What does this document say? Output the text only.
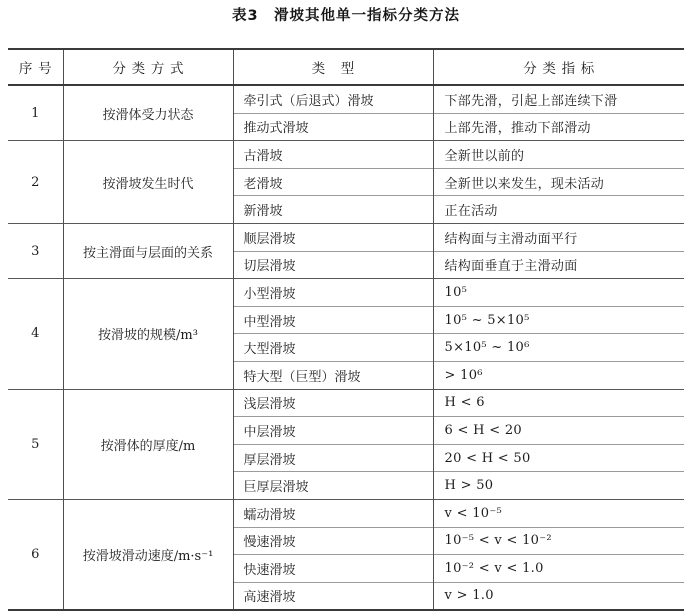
表3　滑坡其他单一指标分类方法
序号	分类方式	类 型	分类指标
1	按滑体受力状态	牵引式（后退式）滑坡	下部先滑，引起上部连续下滑
		推动式滑坡	上部先滑，推动下部滑动
2	按滑坡发生时代	古滑坡	全新世以前的
		老滑坡	全新世以来发生，现未活动
		新滑坡	正在活动
3	按主滑面与层面的关系	顺层滑坡	结构面与主滑动面平行
		切层滑坡	结构面垂直于主滑动面
4	按滑坡的规模/m³	小型滑坡	10⁵
		中型滑坡	10⁵ ~ 5×10⁵
		大型滑坡	5×10⁵ ~ 10⁶
		特大型（巨型）滑坡	> 10⁶
5	按滑体的厚度/m	浅层滑坡	H < 6
		中层滑坡	6 < H < 20
		厚层滑坡	20 < H < 50
		巨厚层滑坡	H > 50
6	按滑坡滑动速度/m·s⁻¹	蠕动滑坡	v < 10⁻⁵
		慢速滑坡	10⁻⁵ < v < 10⁻²
		快速滑坡	10⁻² < v < 1.0
		高速滑坡	v > 1.0
